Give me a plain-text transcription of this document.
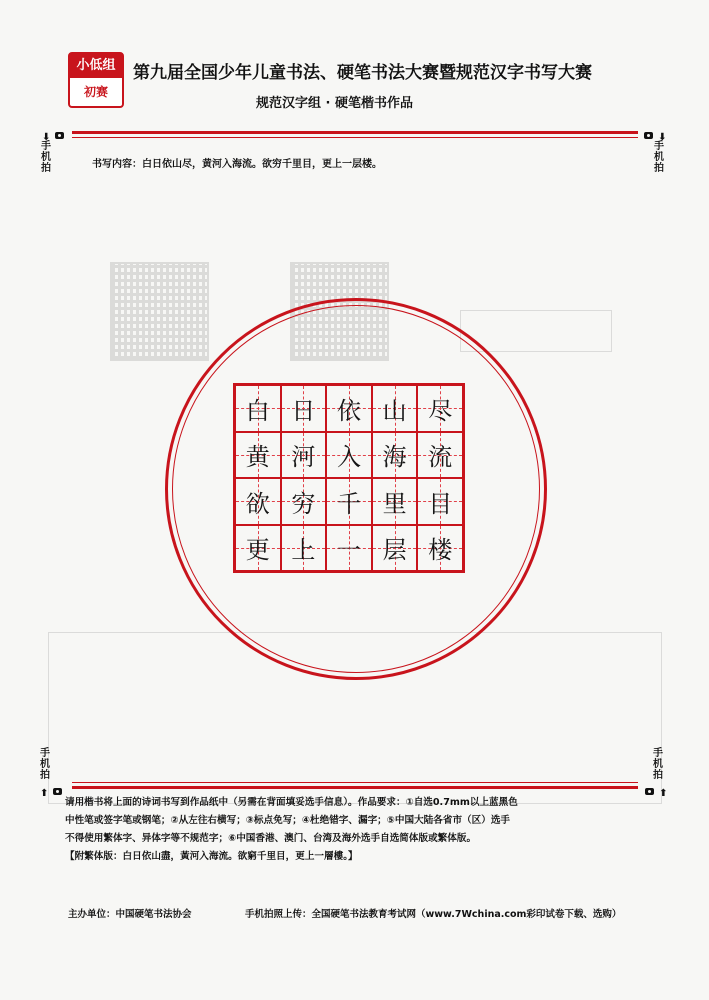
小低组
初赛
第九届全国少年儿童书法、硬笔书法大赛暨规范汉字书写大赛
规范汉字组 · 硬笔楷书作品
⬇
手机拍
⬇
手机拍
书写内容：白日依山尽，黄河入海流。欲穷千里目，更上一层楼。
白 日 依 山 尽
黄 河 入 海 流
欲 穷 千 里 目
更 上 一 层 楼
手机拍
⬆
手机拍
⬆

请用楷书将上面的诗词书写到作品纸中（另需在背面填妥选手信息）。作品要求：①自选0.7mm以上蓝黑色

中性笔或签字笔或钢笔；②从左往右横写；③标点免写；④杜绝错字、漏字；⑤中国大陆各省市（区）选手

不得使用繁体字、异体字等不规范字；⑥中国香港、澳门、台湾及海外选手自选简体版或繁体版。

【附繁体版：白日依山盡，黃河入海流。欲窮千里目，更上一層樓。】

主办单位：中国硬笔书法协会	手机拍照上传：全国硬笔书法教育考试网（www.7Wchina.com彩印试卷下载、选购）
